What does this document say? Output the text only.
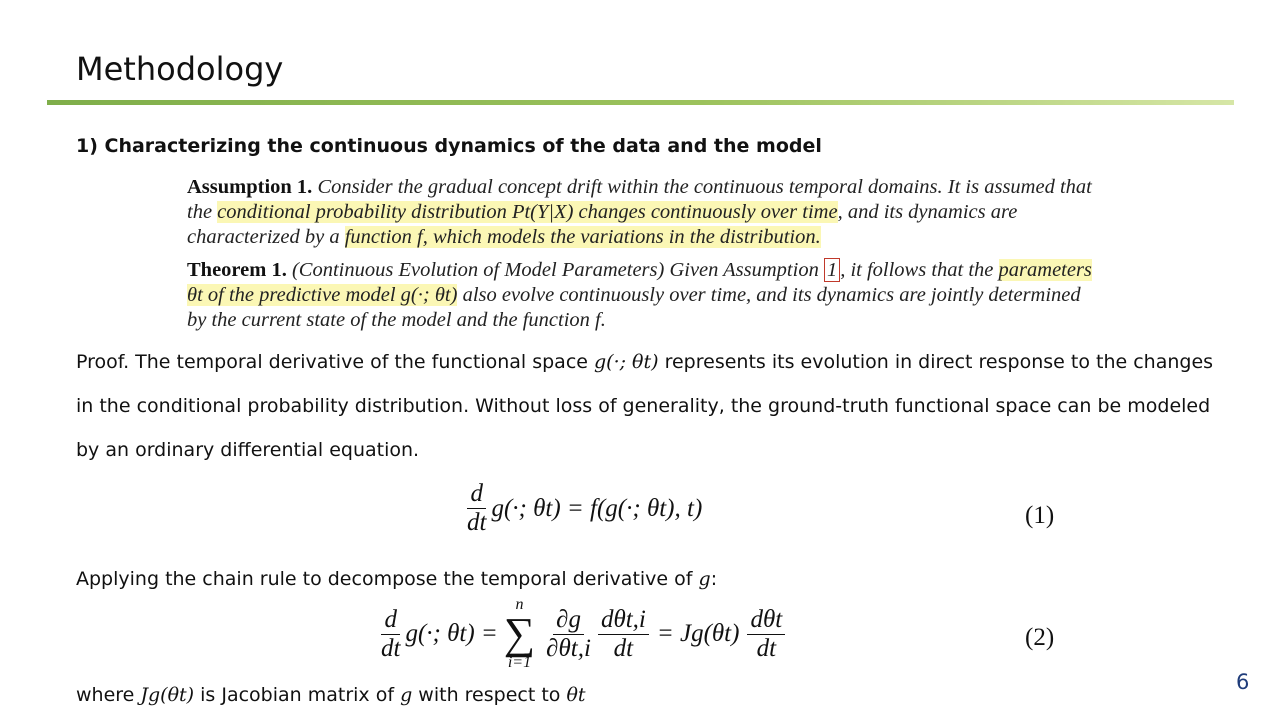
Methodology
1) Characterizing the continuous dynamics of the data and the model
Assumption 1. Consider the gradual concept drift within the continuous temporal domains. It is assumed that the conditional probability distribution Pt(Y|X) changes continuously over time, and its dynamics are characterized by a function f, which models the variations in the distribution.
Theorem 1. (Continuous Evolution of Model Parameters) Given Assumption 1 , it follows that the parameters θt of the predictive model g(·; θt) also evolve continuously over time, and its dynamics are jointly determined by the current state of the model and the function f.
Proof. The temporal derivative of the functional space g(·; θt) represents its evolution in direct response to the changes in the conditional probability distribution. Without loss of generality, the ground-truth functional space can be modeled by an ordinary differential equation.
$\frac{d}{dt} g(\cdot$; θt) = f(g(·; θt), t)	(1)
Applying the chain rule to decompose the temporal derivative of g:
$\frac{d}{dt} g(\cdot$; θt) =
n
∑
$i=1 \frac{\partial g}{\partial\theta t,i} \frac{\text{dθt,i}}{dt} = Jg(\theta t) \frac{\text{dθt}}{dt}$	(2)
where Jg(θt) is Jacobian matrix of g with respect to θt
6
